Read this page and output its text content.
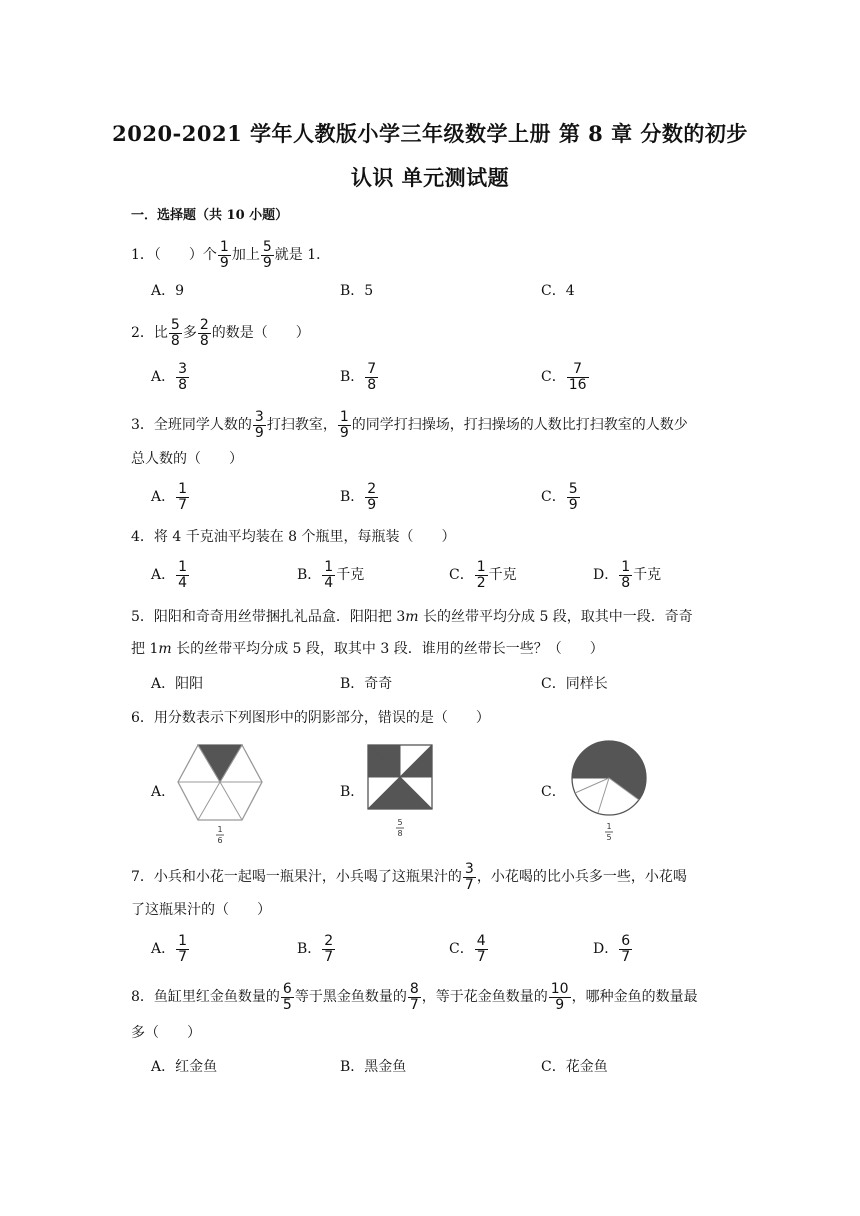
2020-2021 学年人教版小学三年级数学上册 第 8 章 分数的初步
认识 单元测试题
一．选择题（共 10 小题）
1．（　　）个 $\frac{1}{9}$ 加上 $\frac{5}{9}$ 就是 1．
A．9	B．5	C．4
2．比 $\frac{5}{8}$ 多 $\frac{2}{8}$ 的数是（　　）
A． $\frac{3}{8}$	B． $\frac{7}{8}$	C． $\frac{7}{16}$
3．全班同学人数的 $\frac{3}{9}$ 打扫教室， $\frac{1}{9}$ 的同学打扫操场，打扫操场的人数比打扫教室的人数少
总人数的（　　）
A． $\frac{1}{7}$	B． $\frac{2}{9}$	C． $\frac{5}{9}$
4．将 4 千克油平均装在 8 个瓶里，每瓶装（　　）
A． $\frac{1}{4}$	B． $\frac{1}{4}$ 千克	C． $\frac{1}{2}$ 千克	D． $\frac{1}{8}$ 千克
5．阳阳和奇奇用丝带捆扎礼品盒．阳阳把 3m 长的丝带平均分成 5 段，取其中一段．奇奇
把 1m 长的丝带平均分成 5 段，取其中 3 段．谁用的丝带长一些？（　　）
A．阳阳	B．奇奇	C．同样长
6．用分数表示下列图形中的阴影部分，错误的是（　　）
A．	B．	C．
1
6
5
8
1
5
7．小兵和小花一起喝一瓶果汁，小兵喝了这瓶果汁的 $\frac{3}{7}$ ，小花喝的比小兵多一些，小花喝
了这瓶果汁的（　　）
A． $\frac{1}{7}$	B． $\frac{2}{7}$	C． $\frac{4}{7}$	D． $\frac{6}{7}$
8．鱼缸里红金鱼数量的 $\frac{6}{5}$ 等于黑金鱼数量的 $\frac{8}{7}$ ，等于花金鱼数量的 $\frac{10}{9}$ ，哪种金鱼的数量最
多（　　）
A．红金鱼	B．黑金鱼	C．花金鱼
